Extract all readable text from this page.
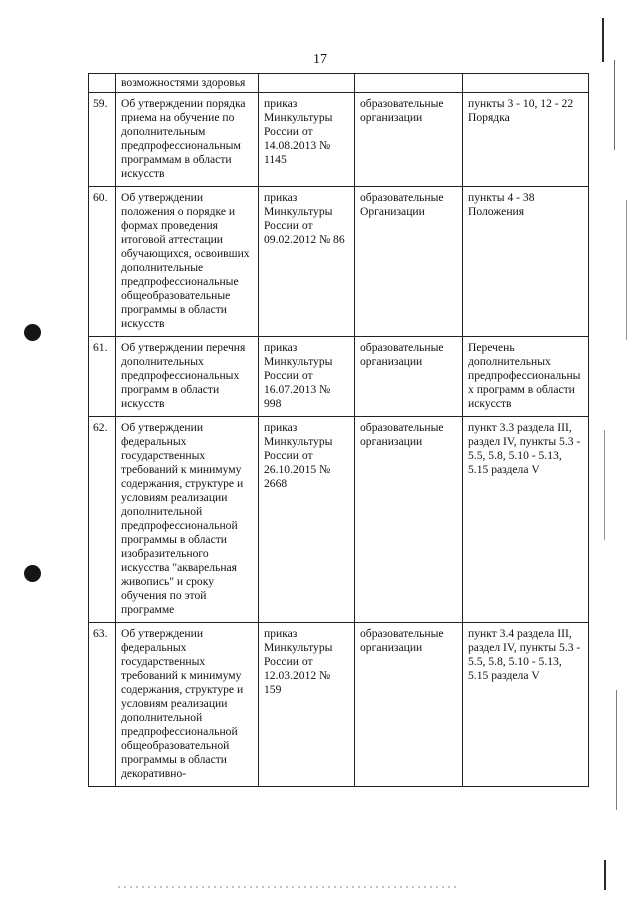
17
	возможностями здоровья			
59.	Об утверждении порядка приема на обучение по дополнительным предпрофессиональным программам в области искусств	приказ Минкультуры России от 14.08.2013 № 1145	образовательные организации	пункты 3 - 10, 12 - 22 Порядка
60.	Об утверждении положения о порядке и формах проведения итоговой аттестации обучающихся, освоивших дополнительные предпрофессиональные общеобразовательные программы в области искусств	приказ Минкультуры России от 09.02.2012 № 86	образовательные Организации	пункты 4 - 38 Положения
61.	Об утверждении перечня дополнительных предпрофессиональных программ в области искусств	приказ Минкультуры России от 16.07.2013 № 998	образовательные организации	Перечень дополнительных предпрофессиональных программ в области искусств
62.	Об утверждении федеральных государственных требований к минимуму содержания, структуре и условиям реализации дополнительной предпрофессиональной программы в области изобразительного искусства "акварельная живопись" и сроку обучения по этой программе	приказ Минкультуры России от 26.10.2015 № 2668	образовательные организации	пункт 3.3 раздела III, раздел IV, пункты 5.3 - 5.5, 5.8, 5.10 - 5.13, 5.15 раздела V
63.	Об утверждении федеральных государственных требований к минимуму содержания, структуре и условиям реализации дополнительной предпрофессиональной общеобразовательной программы в области декоративно-	приказ Минкультуры России от 12.03.2012 № 159	образовательные организации	пункт 3.4 раздела III, раздел IV, пункты 5.3 - 5.5, 5.8, 5.10 - 5.13, 5.15 раздела V
